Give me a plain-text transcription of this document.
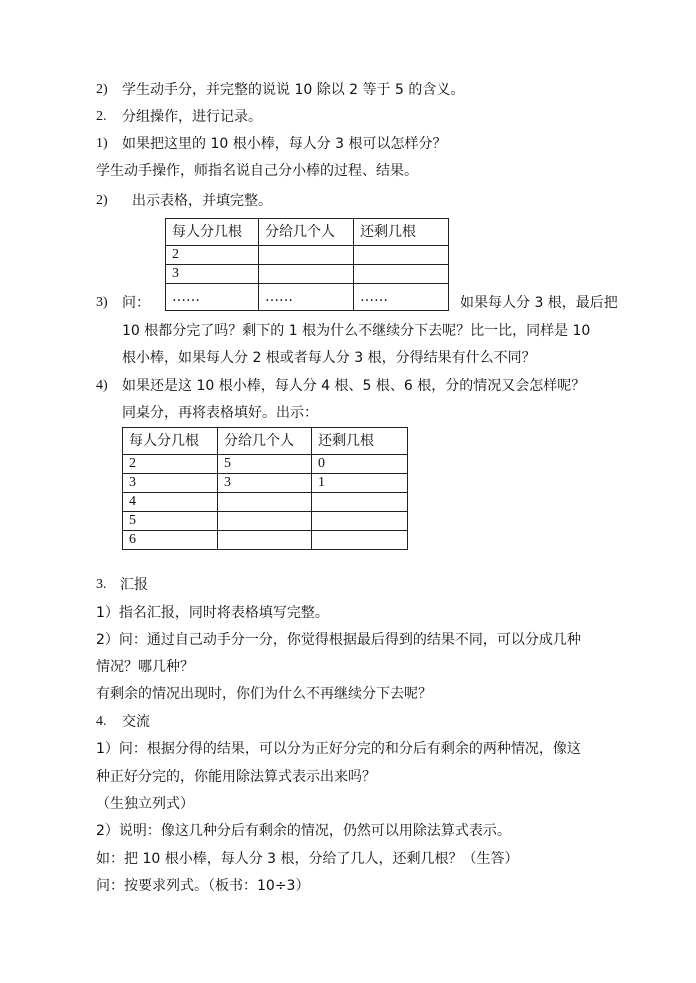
2) 学生动手分，并完整的说说 10 除以 2 等于 5 的含义。
2. 分组操作，进行记录。
1) 如果把这里的 10 根小棒，每人分 3 根可以怎样分？
学生动手操作，师指名说自己分小棒的过程、结果。
2) 出示表格，并填完整。
每人分几根	分给几个人	还剩几根
2		
3		
……	……	……
3) 问：	如果每人分 3 根，最后把
10 根都分完了吗？剩下的 1 根为什么不继续分下去呢？比一比，同样是 10
根小棒，如果每人分 2 根或者每人分 3 根，分得结果有什么不同？
4) 如果还是这 10 根小棒，每人分 4 根、5 根、6 根，分的情况又会怎样呢？
同桌分，再将表格填好。出示：
每人分几根	分给几个人	还剩几根
2	5	0
3	3	1
4		
5		
6		
3. 汇报
1）指名汇报，同时将表格填写完整。
2）问：通过自己动手分一分，你觉得根据最后得到的结果不同，可以分成几种
情况？哪几种？
有剩余的情况出现时，你们为什么不再继续分下去呢？
4. 交流
1）问：根据分得的结果，可以分为正好分完的和分后有剩余的两种情况，像这
种正好分完的，你能用除法算式表示出来吗？
（生独立列式）
2）说明：像这几种分后有剩余的情况，仍然可以用除法算式表示。
如：把 10 根小棒，每人分 3 根，分给了几人，还剩几根？（生答）
问：按要求列式。（板书：10÷3）
